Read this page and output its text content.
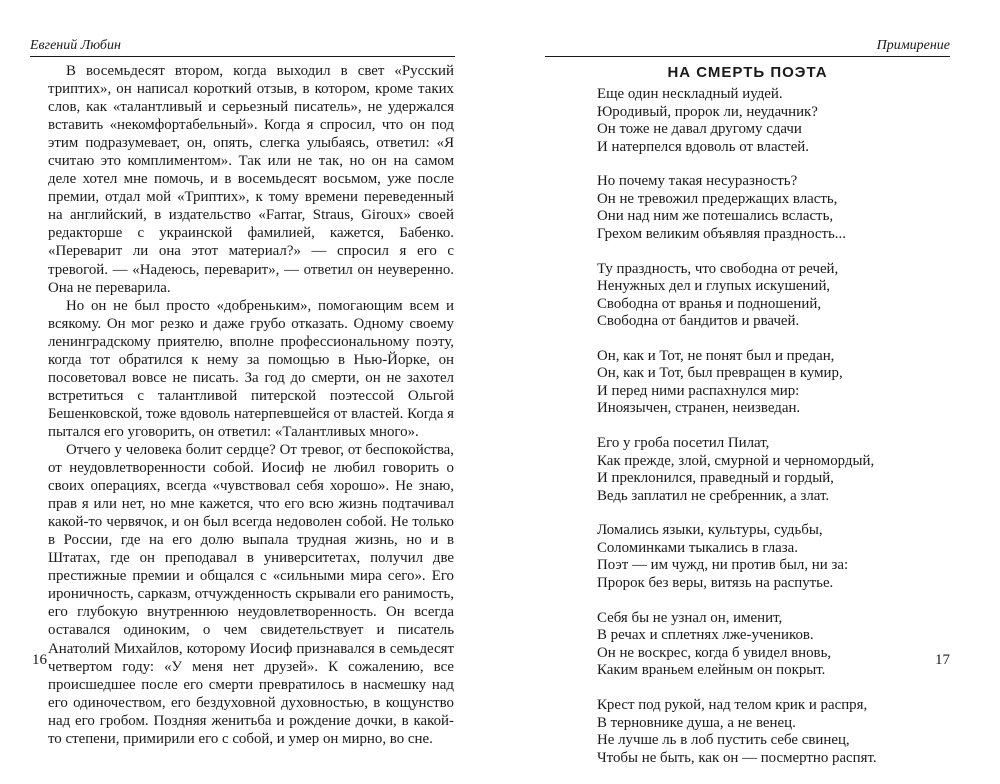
Евгений Любин

В восемьдесят втором, когда выходил в свет «Русский триптих», он написал короткий отзыв, в котором, кроме таких слов, как «талантливый и серьезный писатель», не удержался вставить «некомфортабельный». Когда я спросил, что он под этим подразумевает, он, опять, слегка улыбаясь, ответил: «Я считаю это комплиментом». Так или не так, но он на самом деле хотел мне помочь, и в восемьдесят восьмом, уже после премии, отдал мой «Триптих», к тому времени переведенный на английский, в издательство «Farrar, Straus, Giroux» своей редакторше с украинской фамилией, кажется, Бабенко. «Переварит ли она этот материал?» — спросил я его с тревогой. — «Надеюсь, переварит», — ответил он неуверенно. Она не переварила.

Но он не был просто «добреньким», помогающим всем и всякому. Он мог резко и даже грубо отказать. Одному своему ленинградскому приятелю, вполне профессиональному поэту, когда тот обратился к нему за помощью в Нью-Йорке, он посоветовал вовсе не писать. За год до смерти, он не захотел встретиться с талантливой питерской поэтессой Ольгой Бешенковской, тоже вдоволь натерпевшейся от властей. Когда я пытался его уговорить, он ответил: «Талантливых много».

Отчего у человека болит сердце? От тревог, от беспокойства, от неудовлетворенности собой. Иосиф не любил говорить о своих операциях, всегда «чувствовал себя хорошо». Не знаю, прав я или нет, но мне кажется, что его всю жизнь подтачивал какой-то червячок, и он был всегда недоволен собой. Не только в России, где на его долю выпала трудная жизнь, но и в Штатах, где он преподавал в университетах, получил две престижные премии и общался с «сильными мира сего». Его ироничность, сарказм, отчужденность скрывали его ранимость, его глубокую внутреннюю неудовлетворенность. Он всегда оставался одиноким, о чем свидетельствует и писатель Анатолий Михайлов, которому Иосиф признавался в семьдесят четвертом году: «У меня нет друзей». К сожалению, все происшедшее после его смерти превратилось в насмешку над его одиночеством, его бездуховной духовностью, в кощунство над его гробом. Поздняя женитьба и рождение дочки, в какой-то степени, примирили его с собой, и умер он мирно, во сне.

16
Примирение
НА СМЕРТЬ ПОЭТА
Еще один нескладный иудей.
Юродивый, пророк ли, неудачник?
Он тоже не давал другому сдачи
И натерпелся вдоволь от властей.
Но почему такая несуразность?
Он не тревожил предержащих власть,
Они над ним же потешались всласть,
Грехом великим объявляя праздность...
Ту праздность, что свободна от речей,
Ненужных дел и глупых искушений,
Свободна от вранья и подношений,
Свободна от бандитов и рвачей.
Он, как и Тот, не понят был и предан,
Он, как и Тот, был превращен в кумир,
И перед ними распахнулся мир:
Иноязычен, странен, неизведан.
Его у гроба посетил Пилат,
Как прежде, злой, смурной и черномордый,
И преклонился, праведный и гордый,
Ведь заплатил не сребренник, а злат.
Ломались языки, культуры, судьбы,
Соломинками тыкались в глаза.
Поэт — им чужд, ни против был, ни за:
Пророк без веры, витязь на распутье.
Себя бы не узнал он, именит,
В речах и сплетнях лже-учеников.
Он не воскрес, когда б увидел вновь,
Каким враньем елейным он покрыт.
Крест под рукой, над телом крик и распря,
В терновнике душа, а не венец.
Не лучше ль в лоб пустить себе свинец,
Чтобы не быть, как он — посмертно распят.
17
